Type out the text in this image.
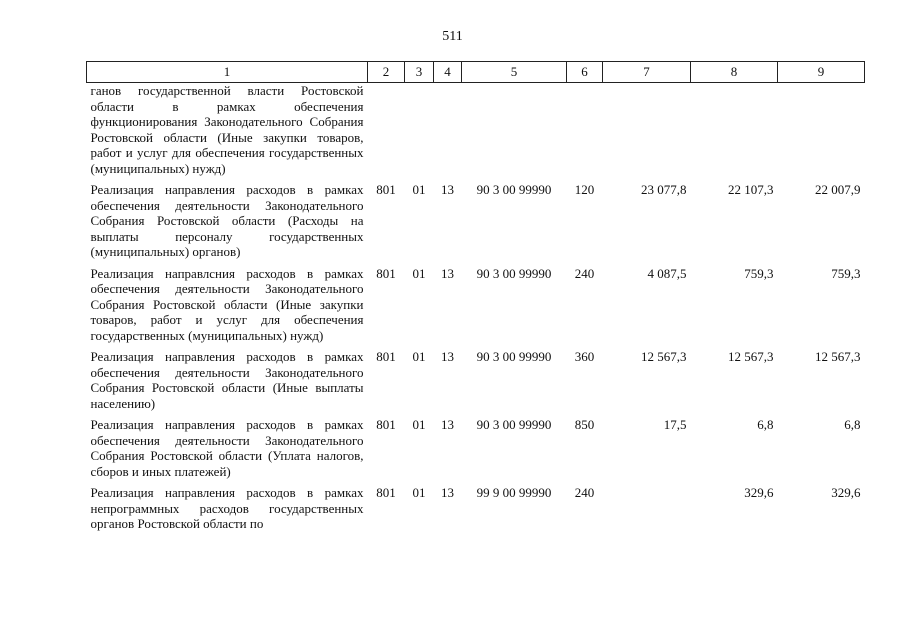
511
1	2	3	4	5	6	7	8	9
ганов государственной власти Ростовской области в рамках обеспечения функционирования Законодательного Собрания Ростовской области (Иные закупки товаров, работ и услуг для обеспечения государственных (муниципальных) нужд)								
Реализация направления расходов в рамках обеспечения деятельности Законодательного Собрания Ростовской области (Расходы на выплаты персоналу государственных (муниципальных) органов)	801	01	13	90 3 00 99990	120	23 077,8	22 107,3	22 007,9
Реализация направлсния расходов в рамках обеспечения деятельности Законодательного Собрания Ростовской области (Иные закупки товаров, работ и услуг для обеспечения государственных (муниципальных) нужд)	801	01	13	90 3 00 99990	240	4 087,5	759,3	759,3
Реализация направления расходов в рамках обеспечения деятельности Законодательного Собрания Ростовской области (Иные выплаты населению)	801	01	13	90 3 00 99990	360	12 567,3	12 567,3	12 567,3
Реализация направления расходов в рамках обеспечения деятельности Законодательного Собрания Ростовской области (Уплата налогов, сборов и иных платежей)	801	01	13	90 3 00 99990	850	17,5	6,8	6,8
Реализация направления расходов в рамках непрограммных расходов государственных органов Ростовской области по	801	01	13	99 9 00 99990	240		329,6	329,6
